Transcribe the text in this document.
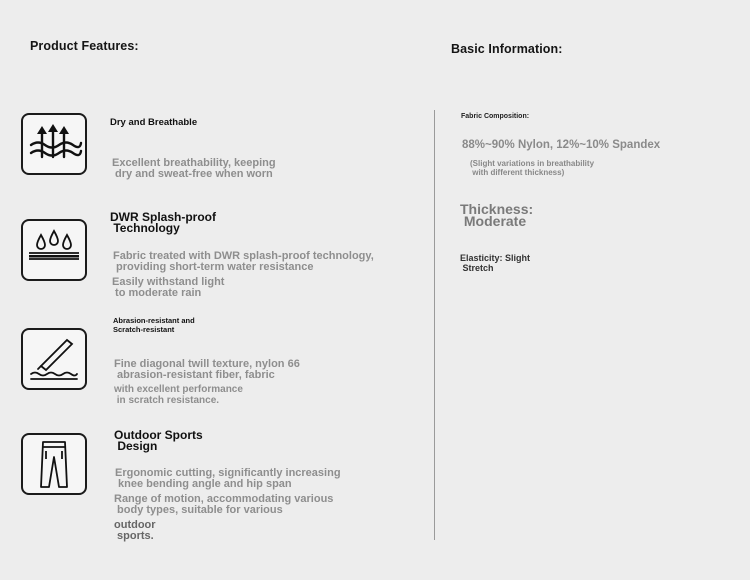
Product Features:	Basic Information:
Dry and Breathable
Excellent breathability, keeping
dry and sweat-free when worn
DWR Splash-proof
Technology
Fabric treated with DWR splash-proof technology,
providing short-term water resistance
Easily withstand light
to moderate rain
Abrasion-resistant and
Scratch-resistant
Fine diagonal twill texture, nylon 66
abrasion-resistant fiber, fabric
with excellent performance
in scratch resistance.
Outdoor Sports
Design
Ergonomic cutting, significantly increasing
knee bending angle and hip span
Range of motion, accommodating various
body types, suitable for various
outdoor
sports.
Fabric Composition:
88%~90% Nylon, 12%~10% Spandex
(Slight variations in breathability
with different thickness)
Thickness:
Moderate
Elasticity: Slight
Stretch
